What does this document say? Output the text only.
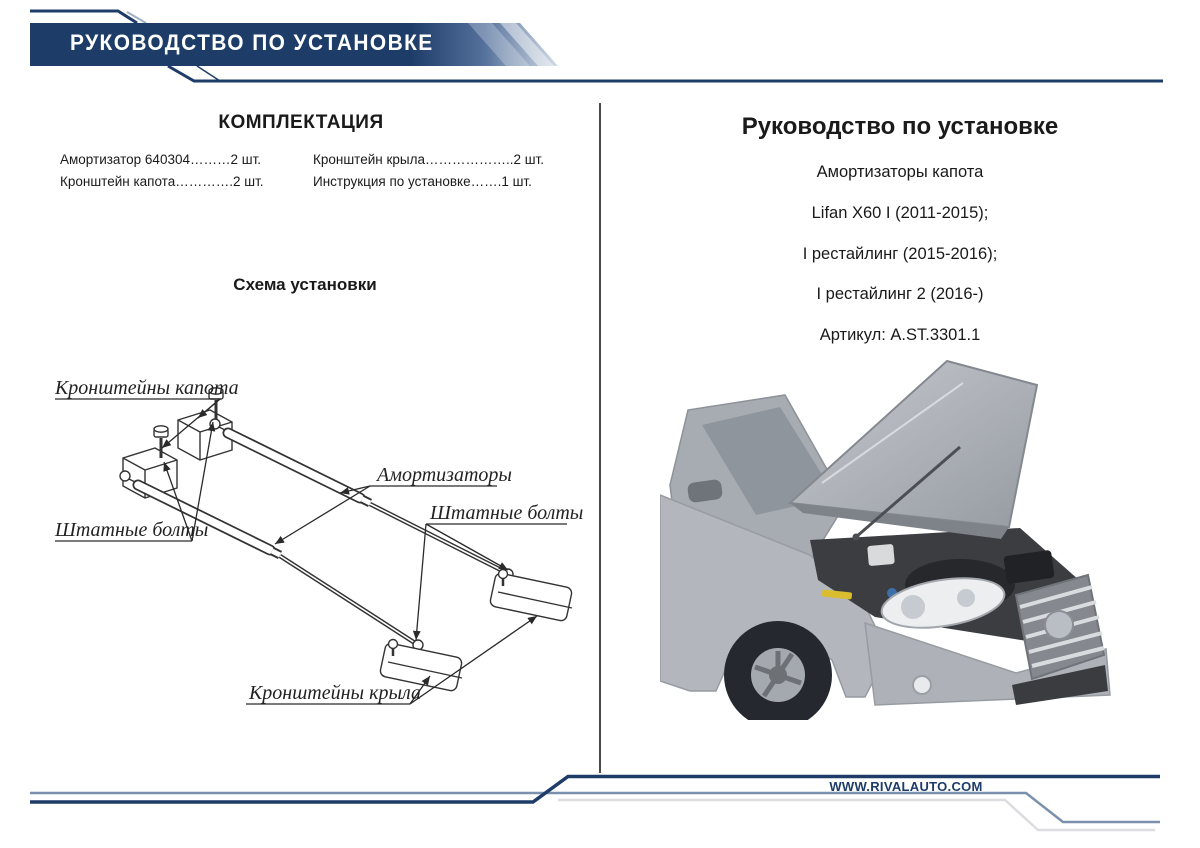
РУКОВОДСТВО ПО УСТАНОВКЕ
КОМПЛЕКТАЦИЯ
Амортизатор 640304………2 шт.
Кронштейн капота………….2 шт.
Кронштейн крыла………………..2 шт.
Инструкция по установке…….1 шт.
Схема установки
Кронштейны капота
Штатные болты
Амортизаторы
Штатные болты
Кронштейны крыла
Руководство по установке
Амортизаторы капота
Lifan X60 I (2011-2015);
I рестайлинг (2015-2016);
I рестайлинг 2 (2016-)
Артикул: A.ST.3301.1
WWW.RIVALAUTO.COM
